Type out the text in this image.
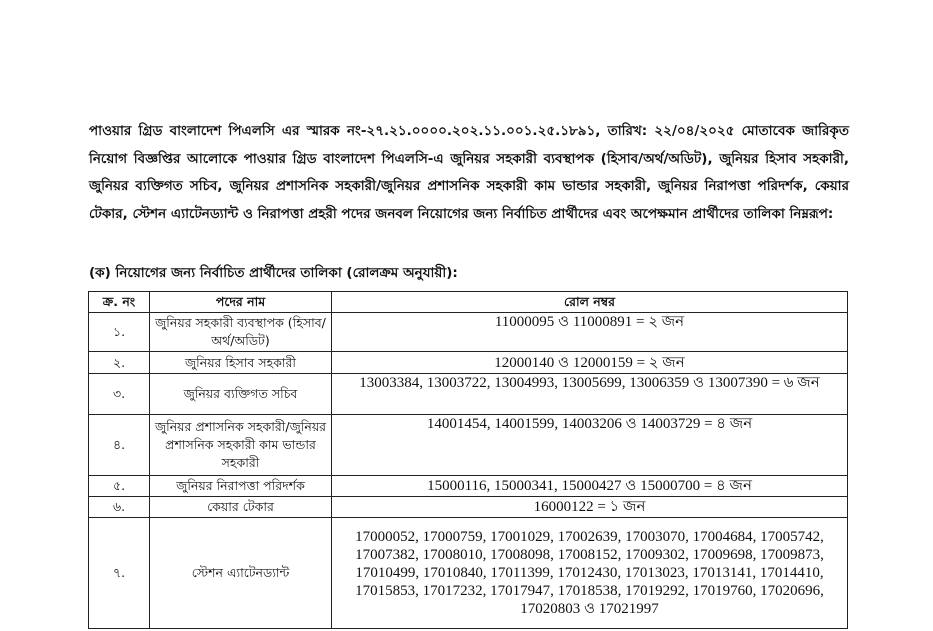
পাওয়ার গ্রিড বাংলাদেশ পিএলসি এর স্মারক নং-২৭.২১.০০০০.২০২.১১.০০১.২৫.১৮৯১, তারিখ: ২২/০৪/২০২৫ মোতাবেক জারিকৃত নিয়োগ বিজ্ঞপ্তির আলোকে পাওয়ার গ্রিড বাংলাদেশ পিএলসি-এ জুনিয়র সহকারী ব্যবস্থাপক (হিসাব/অর্থ/অডিট), জুনিয়র হিসাব সহকারী, জুনিয়র ব্যক্তিগত সচিব, জুনিয়র প্রশাসনিক সহকারী/জুনিয়র প্রশাসনিক সহকারী কাম ভান্ডার সহকারী, জুনিয়র নিরাপত্তা পরিদর্শক, কেয়ার টেকার, স্টেশন এ্যাটেনড্যান্ট ও নিরাপত্তা প্রহরী পদের জনবল নিয়োগের জন্য নির্বাচিত প্রার্থীদের এবং অপেক্ষমান প্রার্থীদের তালিকা নিম্নরূপ:

(ক) নিয়োগের জন্য নির্বাচিত প্রার্থীদের তালিকা (রোলক্রম অনুযায়ী):

ক্র. নং	পদের নাম	রোল নম্বর
১.	জুনিয়র সহকারী ব্যবস্থাপক (হিসাব/অর্থ/অডিট)	11000095 ও 11000891 = ২ জন
২.	জুনিয়র হিসাব সহকারী	12000140 ও 12000159 = ২ জন
৩.	জুনিয়র ব্যক্তিগত সচিব	13003384, 13003722, 13004993, 13005699, 13006359 ও 13007390 = ৬ জন
৪.	জুনিয়র প্রশাসনিক সহকারী/জুনিয়র প্রশাসনিক সহকারী কাম ভান্ডার সহকারী	14001454, 14001599, 14003206 ও 14003729 = ৪ জন
৫.	জুনিয়র নিরাপত্তা পরিদর্শক	15000116, 15000341, 15000427 ও 15000700 = ৪ জন
৬.	কেয়ার টেকার	16000122 = ১ জন
৭.	স্টেশন এ্যাটেনড্যান্ট	17000052, 17000759, 17001029, 17002639, 17003070, 17004684, 17005742, 17007382, 17008010, 17008098, 17008152, 17009302, 17009698, 17009873, 17010499, 17010840, 17011399, 17012430, 17013023, 17013141, 17014410, 17015853, 17017232, 17017947, 17018538, 17019292, 17019760, 17020696, 17020803 ও 17021997
